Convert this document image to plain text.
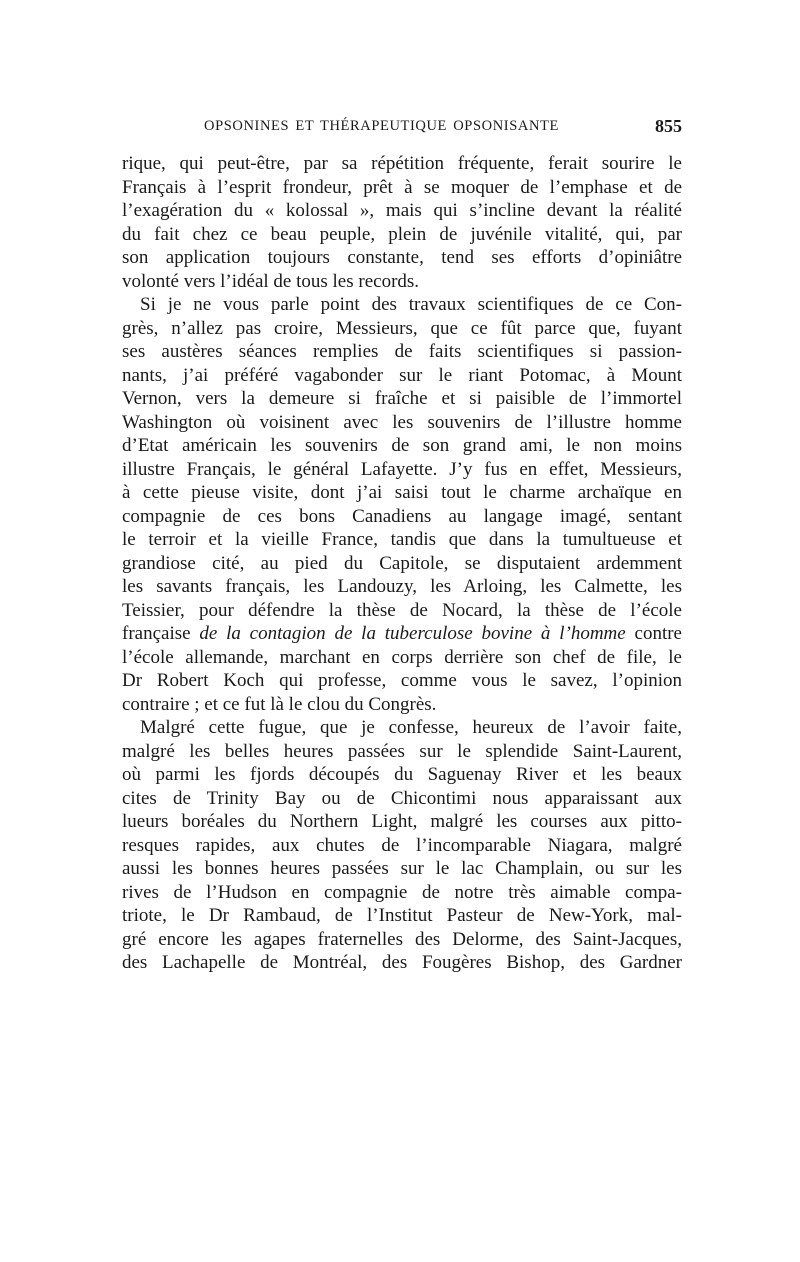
OPSONINES ET THÉRAPEUTIQUE OPSONISANTE	855
rique, qui peut-être, par sa répétition fréquente, ferait sourire le
Français à l’esprit frondeur, prêt à se moquer de l’emphase et de
l’exagération du « kolossal », mais qui s’incline devant la réalité
du fait chez ce beau peuple, plein de juvénile vitalité, qui, par
son application toujours constante, tend ses efforts d’opiniâtre
volonté vers l’idéal de tous les records.
Si je ne vous parle point des travaux scientifiques de ce Con-
grès, n’allez pas croire, Messieurs, que ce fût parce que, fuyant
ses austères séances remplies de faits scientifiques si passion-
nants, j’ai préféré vagabonder sur le riant Potomac, à Mount
Vernon, vers la demeure si fraîche et si paisible de l’immortel
Washington où voisinent avec les souvenirs de l’illustre homme
d’Etat américain les souvenirs de son grand ami, le non moins
illustre Français, le général Lafayette. J’y fus en effet, Messieurs,
à cette pieuse visite, dont j’ai saisi tout le charme archaïque en
compagnie de ces bons Canadiens au langage imagé, sentant
le terroir et la vieille France, tandis que dans la tumultueuse et
grandiose cité, au pied du Capitole, se disputaient ardemment
les savants français, les Landouzy, les Arloing, les Calmette, les
Teissier, pour défendre la thèse de Nocard, la thèse de l’école
française de la contagion de la tuberculose bovine à l’homme contre
l’école allemande, marchant en corps derrière son chef de file, le
Dr Robert Koch qui professe, comme vous le savez, l’opinion
contraire ; et ce fut là le clou du Congrès.
Malgré cette fugue, que je confesse, heureux de l’avoir faite,
malgré les belles heures passées sur le splendide Saint-Laurent,
où parmi les fjords découpés du Saguenay River et les beaux
cites de Trinity Bay ou de Chicontimi nous apparaissant aux
lueurs boréales du Northern Light, malgré les courses aux pitto-
resques rapides, aux chutes de l’incomparable Niagara, malgré
aussi les bonnes heures passées sur le lac Champlain, ou sur les
rives de l’Hudson en compagnie de notre très aimable compa-
triote, le Dr Rambaud, de l’Institut Pasteur de New-York, mal-
gré encore les agapes fraternelles des Delorme, des Saint-Jacques,
des Lachapelle de Montréal, des Fougères Bishop, des Gardner
